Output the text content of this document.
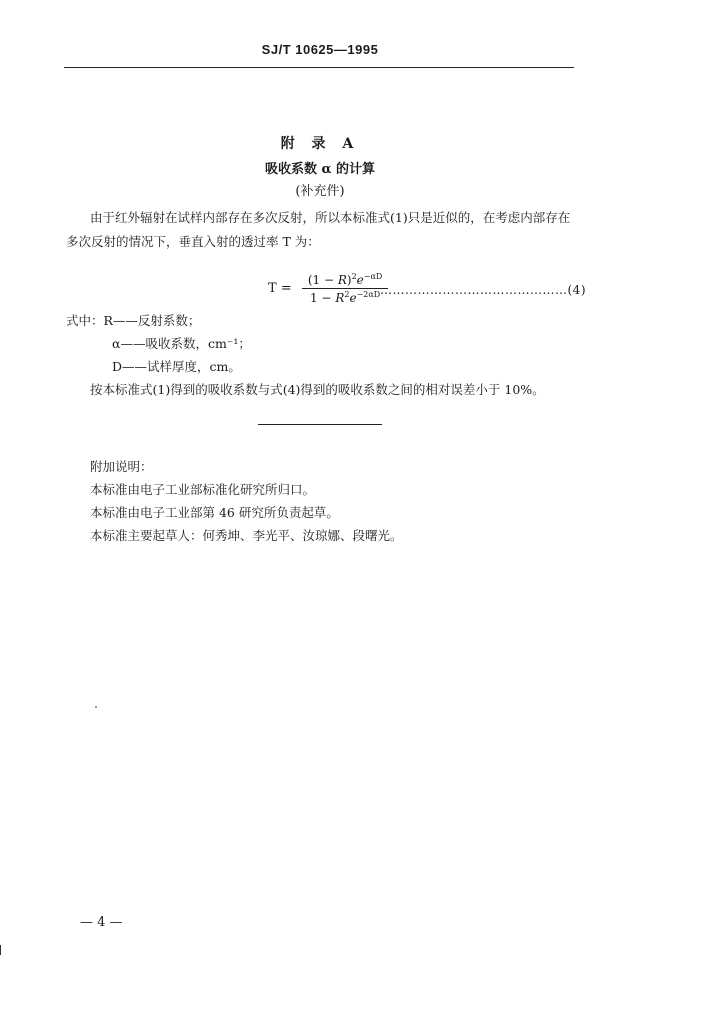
SJ/T 10625—1995
附 录 A
吸收系数 α 的计算
(补充件)
由于红外辐射在试样内部存在多次反射，所以本标准式(1)只是近似的，在考虑内部存在
多次反射的情况下，垂直入射的透过率 T 为：
$T = \frac{(1 - R)^2e^{-\alpha D}}{1 - R^2e^{-2\alpha D}}$
………………………………………(4)
式中：R——反射系数；
α——吸收系数，cm⁻¹；
D——试样厚度，cm。
按本标准式(1)得到的吸收系数与式(4)得到的吸收系数之间的相对误差小于 10%。
附加说明：
本标准由电子工业部标准化研究所归口。
本标准由电子工业部第 46 研究所负责起草。
本标准主要起草人：何秀坤、李光平、汝琼娜、段曙光。
— 4 —
